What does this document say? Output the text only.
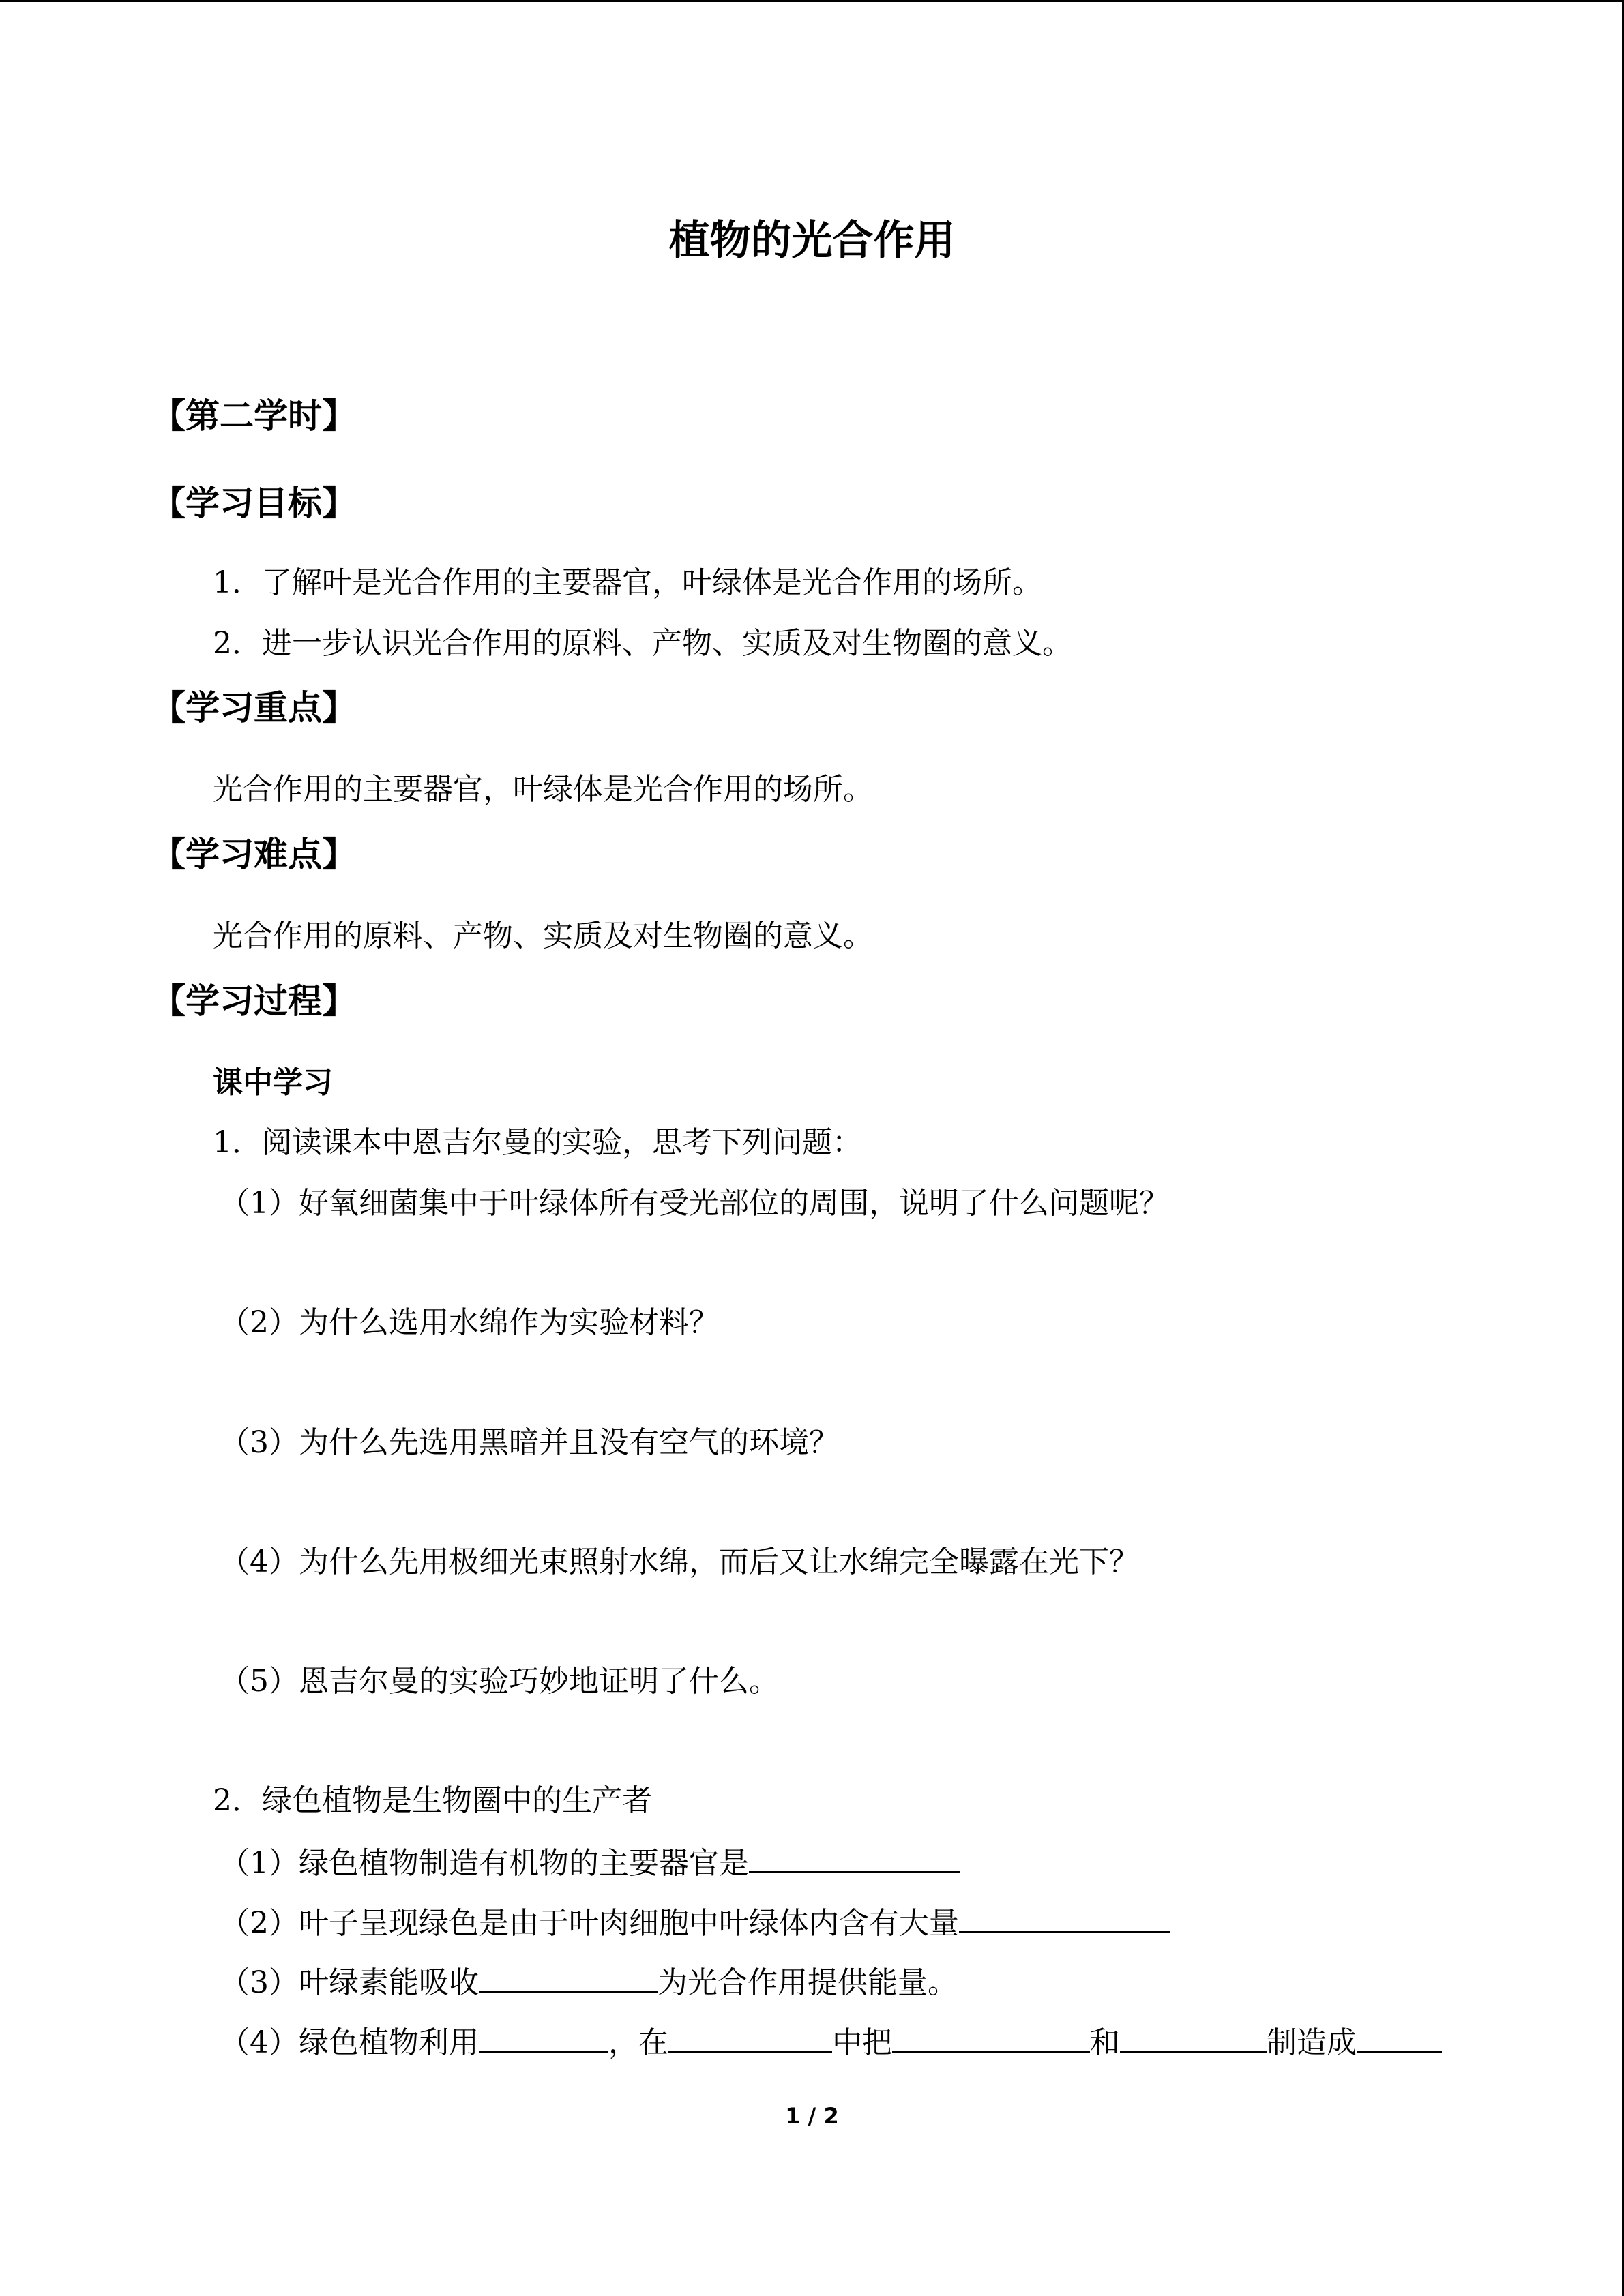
植物的光合作用
【第二学时】
【学习目标】
1．了解叶是光合作用的主要器官，叶绿体是光合作用的场所。
2．进一步认识光合作用的原料、产物、实质及对生物圈的意义。
【学习重点】
光合作用的主要器官，叶绿体是光合作用的场所。
【学习难点】
光合作用的原料、产物、实质及对生物圈的意义。
【学习过程】
课中学习
1．阅读课本中恩吉尔曼的实验，思考下列问题：
（1）好氧细菌集中于叶绿体所有受光部位的周围，说明了什么问题呢？
（2）为什么选用水绵作为实验材料？
（3）为什么先选用黑暗并且没有空气的环境？
（4）为什么先用极细光束照射水绵，而后又让水绵完全曝露在光下？
（5）恩吉尔曼的实验巧妙地证明了什么。
2．绿色植物是生物圈中的生产者
（1）绿色植物制造有机物的主要器官是
（2）叶子呈现绿色是由于叶肉细胞中叶绿体内含有大量
（3）叶绿素能吸收	为光合作用提供能量。
（4）绿色植物利用	，在	中把	和	制造成
1 / 2
